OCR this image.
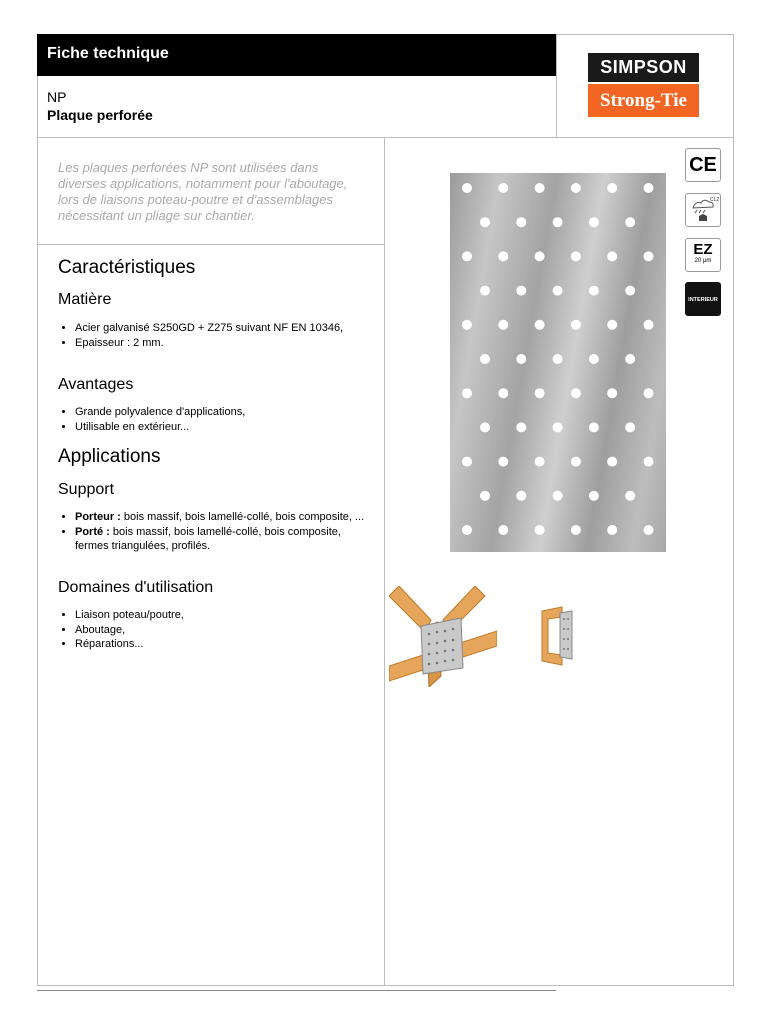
Fiche technique
NP
Plaque perforée
SIMPSON
Strong-Tie
Les plaques perforées NP sont utilisées dans diverses applications, notamment pour l'aboutage, lors de liaisons poteau-poutre et d'assemblages nécessitant un pliage sur chantier.
Caractéristiques
Matière
• Acier galvanisé S250GD + Z275 suivant NF EN 10346,
• Epaisseur : 2 mm.
Avantages
• Grande polyvalence d'applications,
• Utilisable en extérieur...
Applications
Support
• Porteur : bois massif, bois lamellé-collé, bois composite, ...
• Porté : bois massif, bois lamellé-collé, bois composite, fermes triangulées, profilés.
Domaines d'utilisation
• Liaison poteau/poutre,
• Aboutage,
• Réparations...
CE
CL2
EZ
20 µm
INTERIEUR
